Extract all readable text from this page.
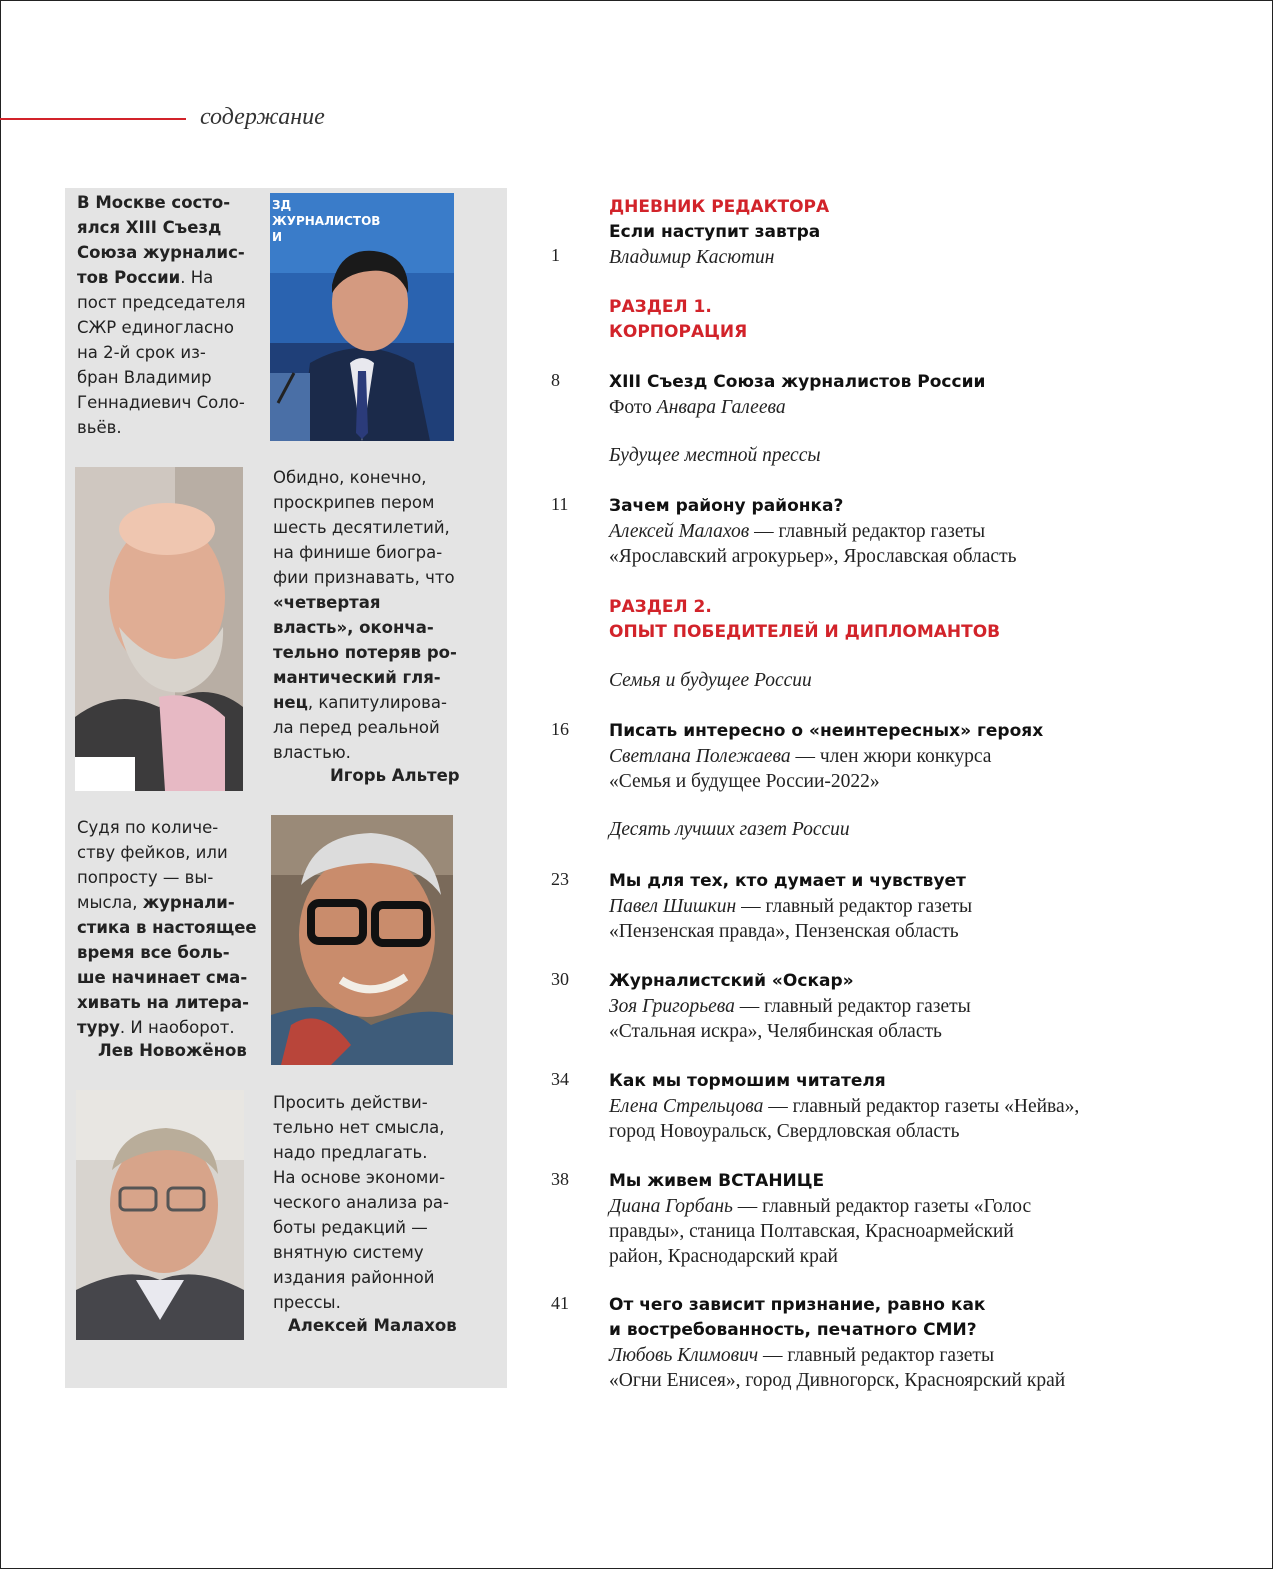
содержание

В Москве состо-
ялся XIII Съезд
Союза журналис-
тов России. На
пост председателя
СЖР единогласно
на 2-й срок из-
бран Владимир
Геннадиевич Соло-
вьёв.

ЗД
ЖУРНАЛИСТОВ
И

Обидно, конечно,
проскрипев пером
шесть десятилетий,
на финише биогра-
фии признавать, что
«четвертая
власть», оконча-
тельно потеряв ро-
мантический гля-
нец, капитулирова-
ла перед реальной
властью.

Игорь Альтер

Судя по количе-
ству фейков, или
попросту — вы-
мысла, журнали-
стика в настоящее
время все боль-
ше начинает сма-
хивать на литера-
туру. И наоборот.

Лев Новожёнов

Просить действи-
тельно нет смысла,
надо предлагать.
На основе экономи-
ческого анализа ра-
боты редакций —
внятную систему
издания районной
прессы.

Алексей Малахов
ДНЕВНИК РЕДАКТОРА
Если наступит завтра
1	Владимир Касютин
РАЗДЕЛ 1.
КОРПОРАЦИЯ
8	XIII Съезд Союза журналистов России
Фото Анвара Галеева
Будущее местной прессы
11 Зачем району районка?
Алексей Малахов — главный редактор газеты
«Ярославский агрокурьер», Ярославская область
РАЗДЕЛ 2.
ОПЫТ ПОБЕДИТЕЛЕЙ И ДИПЛОМАНТОВ
Семья и будущее России
16 Писать интересно о «неинтересных» героях
Светлана Полежаева — член жюри конкурса
«Семья и будущее России-2022»
Десять лучших газет России
23 Мы для тех, кто думает и чувствует
Павел Шишкин — главный редактор газеты
«Пензенская правда», Пензенская область
30 Журналистский «Оскар»
Зоя Григорьева — главный редактор газеты
«Стальная искра», Челябинская область
34 Как мы тормошим читателя
Елена Стрельцова — главный редактор газеты «Нейва»,
город Новоуральск, Свердловская область
38 Мы живем ВСТАНИЦЕ
Диана Горбань — главный редактор газеты «Голос
правды», станица Полтавская, Красноармейский
район, Краснодарский край
41 От чего зависит признание, равно как
и востребованность, печатного СМИ?
Любовь Климович — главный редактор газеты
«Огни Енисея», город Дивногорск, Красноярский край
